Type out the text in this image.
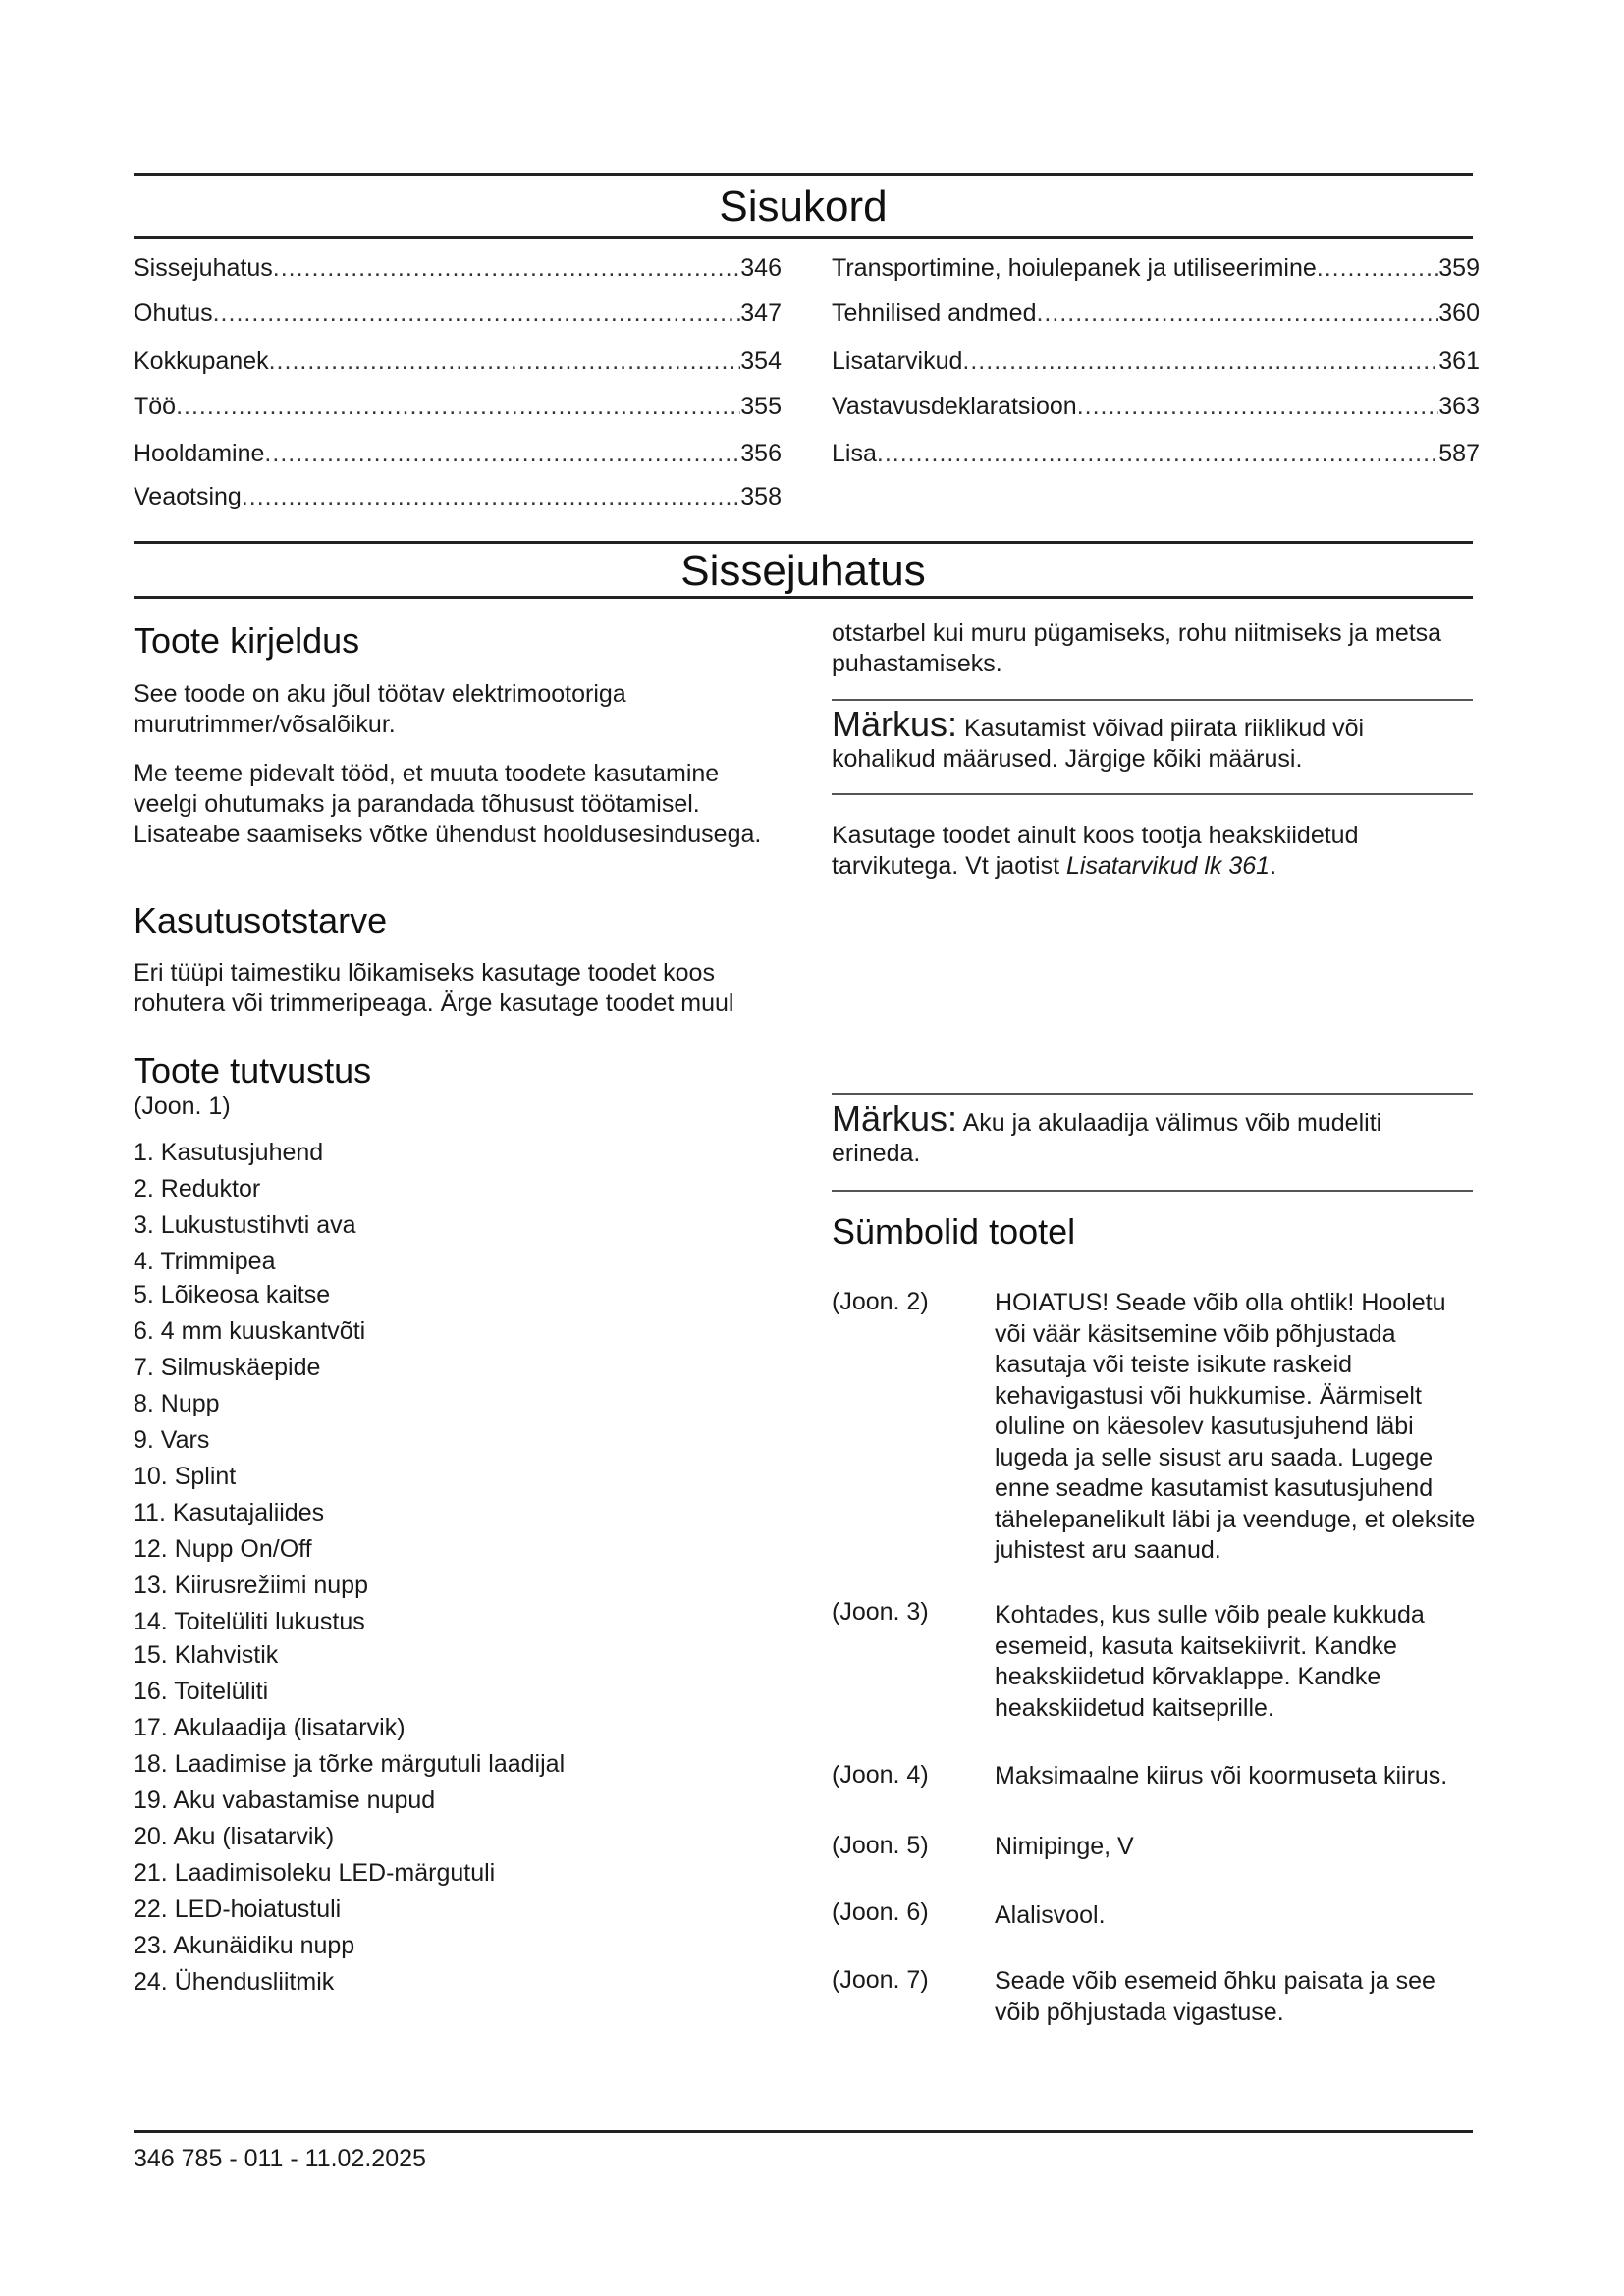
Sisukord
Sissejuhatus .....	346
Ohutus .....	347
Kokkupanek .....	354
Töö .....	355
Hooldamine .....	356
Veaotsing .....	358
Transportimine, hoiulepanek ja utiliseerimine .....	359
Tehnilised andmed .....	360
Lisatarvikud .....	361
Vastavusdeklaratsioon .....	363
Lisa .....	587
Sissejuhatus
Toote kirjeldus

See toode on aku jõul töötav elektrimootoriga murutrimmer/võsalõikur.

Me teeme pidevalt tööd, et muuta toodete kasutamine veelgi ohutumaks ja parandada tõhusust töötamisel. Lisateabe saamiseks võtke ühendust hooldusesindusega.

Kasutusotstarve

Eri tüüpi taimestiku lõikamiseks kasutage toodet koos rohutera või trimmeripeaga. Ärge kasutage toodet muul

Toote tutvustus
(Joon. 1)
1. Kasutusjuhend
2. Reduktor
3. Lukustustihvti ava
4. Trimmipea
5. Lõikeosa kaitse
6. 4 mm kuuskantvõti
7. Silmuskäepide
8. Nupp
9. Vars
10. Splint
11. Kasutajaliides
12. Nupp On/Off
13. Kiirusrežiimi nupp
14. Toitelüliti lukustus
15. Klahvistik
16. Toitelüliti
17. Akulaadija (lisatarvik)
18. Laadimise ja tõrke märgutuli laadijal
19. Aku vabastamise nupud
20. Aku (lisatarvik)
21. Laadimisoleku LED-märgutuli
22. LED-hoiatustuli
23. Akunäidiku nupp
24. Ühendusliitmik

otstarbel kui muru pügamiseks, rohu niitmiseks ja metsa puhastamiseks.

Märkus: Kasutamist võivad piirata riiklikud või kohalikud määrused. Järgige kõiki määrusi.

Kasutage toodet ainult koos tootja heakskiidetud tarvikutega. Vt jaotist Lisatarvikud lk 361.

Märkus: Aku ja akulaadija välimus võib mudeliti erineda.
Sümbolid tootel
(Joon. 2)	HOIATUS! Seade võib olla ohtlik! Hooletu või väär käsitsemine võib põhjustada kasutaja või teiste isikute raskeid kehavigastusi või hukkumise. Äärmiselt oluline on käesolev kasutusjuhend läbi lugeda ja selle sisust aru saada. Lugege enne seadme kasutamist kasutusjuhend tähelepanelikult läbi ja veenduge, et oleksite juhistest aru saanud.
(Joon. 3)	Kohtades, kus sulle võib peale kukkuda esemeid, kasuta kaitsekiivrit. Kandke heakskiidetud kõrvaklappe. Kandke heakskiidetud kaitseprille.
(Joon. 4)	Maksimaalne kiirus või koormuseta kiirus.
(Joon. 5)	Nimipinge, V
(Joon. 6)	Alalisvool.
(Joon. 7)	Seade võib esemeid õhku paisata ja see võib põhjustada vigastuse.
346 785 - 011 - 11.02.2025
